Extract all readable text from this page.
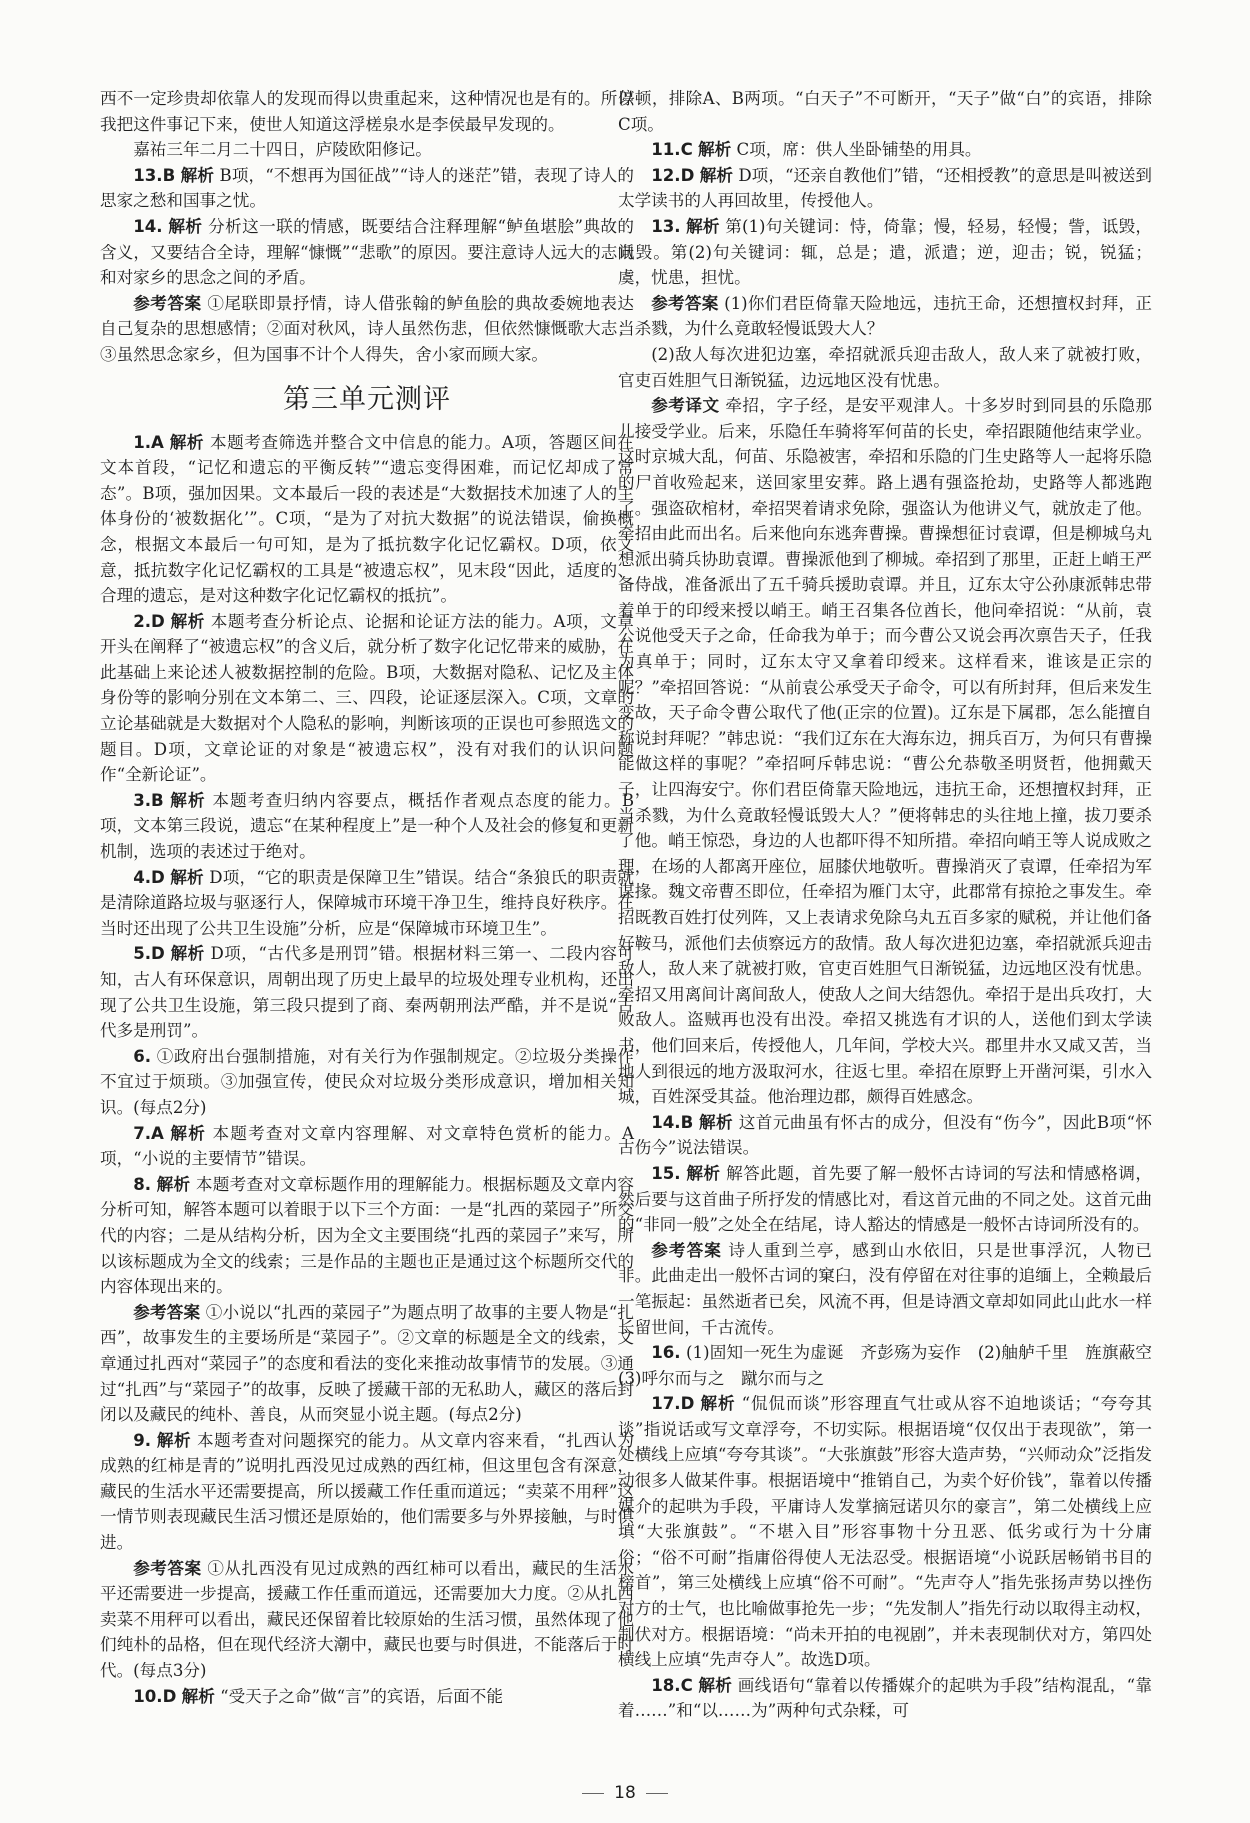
西不一定珍贵却依靠人的发现而得以贵重起来，这种情况也是有的。所以我把这件事记下来，使世人知道这浮槎泉水是李侯最早发现的。

嘉祐三年二月二十四日，庐陵欧阳修记。

13.B 解析 B项，“不想再为国征战”“诗人的迷茫”错，表现了诗人的思家之愁和国事之忧。

14. 解析 分析这一联的情感，既要结合注释理解“鲈鱼堪脍”典故的含义，又要结合全诗，理解“慷慨”“悲歌”的原因。要注意诗人远大的志向和对家乡的思念之间的矛盾。

参考答案 ①尾联即景抒情，诗人借张翰的鲈鱼脍的典故委婉地表达自己复杂的思想感情；②面对秋风，诗人虽然伤悲，但依然慷慨歌大志；③虽然思念家乡，但为国事不计个人得失，舍小家而顾大家。

第三单元测评

1.A 解析 本题考查筛选并整合文中信息的能力。A项，答题区间在文本首段，“记忆和遗忘的平衡反转”“遗忘变得困难，而记忆却成了常态”。B项，强加因果。文本最后一段的表述是“大数据技术加速了人的主体身份的‘被数据化’”。C项，“是为了对抗大数据”的说法错误，偷换概念，根据文本最后一句可知，是为了抵抗数字化记忆霸权。D项，依文意，抵抗数字化记忆霸权的工具是“被遗忘权”，见末段“因此，适度的、合理的遗忘，是对这种数字化记忆霸权的抵抗”。

2.D 解析 本题考查分析论点、论据和论证方法的能力。A项，文章开头在阐释了“被遗忘权”的含义后，就分析了数字化记忆带来的威胁，在此基础上来论述人被数据控制的危险。B项，大数据对隐私、记忆及主体身份等的影响分别在文本第二、三、四段，论证逐层深入。C项，文章的立论基础就是大数据对个人隐私的影响，判断该项的正误也可参照选文的题目。D项，文章论证的对象是“被遗忘权”，没有对我们的认识问题作“全新论证”。

3.B 解析 本题考查归纳内容要点，概括作者观点态度的能力。B项，文本第三段说，遗忘“在某种程度上”是一种个人及社会的修复和更新机制，选项的表述过于绝对。

4.D 解析 D项，“它的职责是保障卫生”错误。结合“条狼氏的职责就是清除道路垃圾与驱逐行人，保障城市环境干净卫生，维持良好秩序。在当时还出现了公共卫生设施”分析，应是“保障城市环境卫生”。

5.D 解析 D项，“古代多是刑罚”错。根据材料三第一、二段内容可知，古人有环保意识，周朝出现了历史上最早的垃圾处理专业机构，还出现了公共卫生设施，第三段只提到了商、秦两朝刑法严酷，并不是说“古代多是刑罚”。

6. ①政府出台强制措施，对有关行为作强制规定。②垃圾分类操作不宜过于烦琐。③加强宣传，使民众对垃圾分类形成意识，增加相关知识。(每点2分)

7.A 解析 本题考查对文章内容理解、对文章特色赏析的能力。A项，“小说的主要情节”错误。

8. 解析 本题考查对文章标题作用的理解能力。根据标题及文章内容分析可知，解答本题可以着眼于以下三个方面：一是“扎西的菜园子”所交代的内容；二是从结构分析，因为全文主要围绕“扎西的菜园子”来写，所以该标题成为全文的线索；三是作品的主题也正是通过这个标题所交代的内容体现出来的。

参考答案 ①小说以“扎西的菜园子”为题点明了故事的主要人物是“扎西”，故事发生的主要场所是“菜园子”。②文章的标题是全文的线索，文章通过扎西对“菜园子”的态度和看法的变化来推动故事情节的发展。③通过“扎西”与“菜园子”的故事，反映了援藏干部的无私助人，藏区的落后封闭以及藏民的纯朴、善良，从而突显小说主题。(每点2分)

9. 解析 本题考查对问题探究的能力。从文章内容来看，“扎西认为成熟的红柿是青的”说明扎西没见过成熟的西红柿，但这里包含有深意，藏民的生活水平还需要提高，所以援藏工作任重而道远；“卖菜不用秤”这一情节则表现藏民生活习惯还是原始的，他们需要多与外界接触，与时俱进。

参考答案 ①从扎西没有见过成熟的西红柿可以看出，藏民的生活水平还需要进一步提高，援藏工作任重而道远，还需要加大力度。②从扎西卖菜不用秤可以看出，藏民还保留着比较原始的生活习惯，虽然体现了他们纯朴的品格，但在现代经济大潮中，藏民也要与时俱进，不能落后于时代。(每点3分)

10.D 解析 “受天子之命”做“言”的宾语，后面不能

停顿，排除A、B两项。“白天子”不可断开，“天子”做“白”的宾语，排除C项。

11.C 解析 C项，席：供人坐卧铺垫的用具。

12.D 解析 D项，“还亲自教他们”错，“还相授教”的意思是叫被送到太学读书的人再回故里，传授他人。

13. 解析 第(1)句关键词：恃，倚靠；慢，轻易，轻慢；訾，诋毁，诋毁。第(2)句关键词：辄，总是；遣，派遣；逆，迎击；锐，锐猛；虞，忧患，担忧。

参考答案 (1)你们君臣倚靠天险地远，违抗王命，还想擅权封拜，正当杀戮，为什么竟敢轻慢诋毁大人？

(2)敌人每次进犯边塞，牵招就派兵迎击敌人，敌人来了就被打败，官吏百姓胆气日渐锐猛，边远地区没有忧患。

参考译文 牵招，字子经，是安平观津人。十多岁时到同县的乐隐那儿接受学业。后来，乐隐任车骑将军何苗的长史，牵招跟随他结束学业。这时京城大乱，何苗、乐隐被害，牵招和乐隐的门生史路等人一起将乐隐的尸首收殓起来，送回家里安葬。路上遇有强盗抢劫，史路等人都逃跑了。强盗砍棺材，牵招哭着请求免除，强盗认为他讲义气，就放走了他。牵招由此而出名。后来他向东逃奔曹操。曹操想征讨袁谭，但是柳城乌丸想派出骑兵协助袁谭。曹操派他到了柳城。牵招到了那里，正赶上峭王严备侍战，准备派出了五千骑兵援助袁谭。并且，辽东太守公孙康派韩忠带着单于的印绶来授以峭王。峭王召集各位酋长，他问牵招说：“从前，袁公说他受天子之命，任命我为单于；而今曹公又说会再次禀告天子，任我为真单于；同时，辽东太守又拿着印绶来。这样看来，谁该是正宗的呢？”牵招回答说：“从前袁公承受天子命令，可以有所封拜，但后来发生变故，天子命令曹公取代了他(正宗的位置)。辽东是下属郡，怎么能擅自称说封拜呢？”韩忠说：“我们辽东在大海东边，拥兵百万，为何只有曹操能做这样的事呢？”牵招呵斥韩忠说：“曹公允恭敬圣明贤哲，他拥戴天子，让四海安宁。你们君臣倚靠天险地远，违抗王命，还想擅权封拜，正当杀戮，为什么竟敢轻慢诋毁大人？”便将韩忠的头往地上撞，拔刀要杀了他。峭王惊恐，身边的人也都吓得不知所措。牵招向峭王等人说成败之理，在场的人都离开座位，屈膝伏地敬听。曹操消灭了袁谭，任牵招为军谋掾。魏文帝曹丕即位，任牵招为雁门太守，此郡常有掠抢之事发生。牵招既教百姓打仗列阵，又上表请求免除乌丸五百多家的赋税，并让他们备好鞍马，派他们去侦察远方的敌情。敌人每次进犯边塞，牵招就派兵迎击敌人，敌人来了就被打败，官吏百姓胆气日渐锐猛，边远地区没有忧患。牵招又用离间计离间敌人，使敌人之间大结怨仇。牵招于是出兵攻打，大败敌人。盗贼再也没有出没。牵招又挑选有才识的人，送他们到太学读书，他们回来后，传授他人，几年间，学校大兴。郡里井水又咸又苦，当地人到很远的地方汲取河水，往返七里。牵招在原野上开凿河渠，引水入城，百姓深受其益。他治理边郡，颇得百姓感念。

14.B 解析 这首元曲虽有怀古的成分，但没有“伤今”，因此B项“怀古伤今”说法错误。

15. 解析 解答此题，首先要了解一般怀古诗词的写法和情感格调，然后要与这首曲子所抒发的情感比对，看这首元曲的不同之处。这首元曲的“非同一般”之处全在结尾，诗人豁达的情感是一般怀古诗词所没有的。

参考答案 诗人重到兰亭，感到山水依旧，只是世事浮沉，人物已非。此曲走出一般怀古词的窠臼，没有停留在对往事的追缅上，全赖最后一笔振起：虽然逝者已矣，风流不再，但是诗酒文章却如同此山此水一样长留世间，千古流传。

16. (1)固知一死生为虚诞　齐彭殇为妄作　(2)舳舻千里　旌旗蔽空　(3)呼尔而与之　蹴尔而与之

17.D 解析 “侃侃而谈”形容理直气壮或从容不迫地谈话；“夸夸其谈”指说话或写文章浮夸，不切实际。根据语境“仅仅出于表现欲”，第一处横线上应填“夸夸其谈”。“大张旗鼓”形容大造声势，“兴师动众”泛指发动很多人做某件事。根据语境中“推销自己，为卖个好价钱”，靠着以传播媒介的起哄为手段，平庸诗人发掌摘冠诺贝尔的豪言”，第二处横线上应填“大张旗鼓”。“不堪入目”形容事物十分丑恶、低劣或行为十分庸俗；“俗不可耐”指庸俗得使人无法忍受。根据语境“小说跃居畅销书目的榜首”，第三处横线上应填“俗不可耐”。“先声夺人”指先张扬声势以挫伤对方的士气，也比喻做事抢先一步；“先发制人”指先行动以取得主动权，制伏对方。根据语境：“尚未开拍的电视剧”，并未表现制伏对方，第四处横线上应填“先声夺人”。故选D项。

18.C 解析 画线语句“靠着以传播媒介的起哄为手段”结构混乱，“靠着……”和“以……为”两种句式杂糅，可

18
